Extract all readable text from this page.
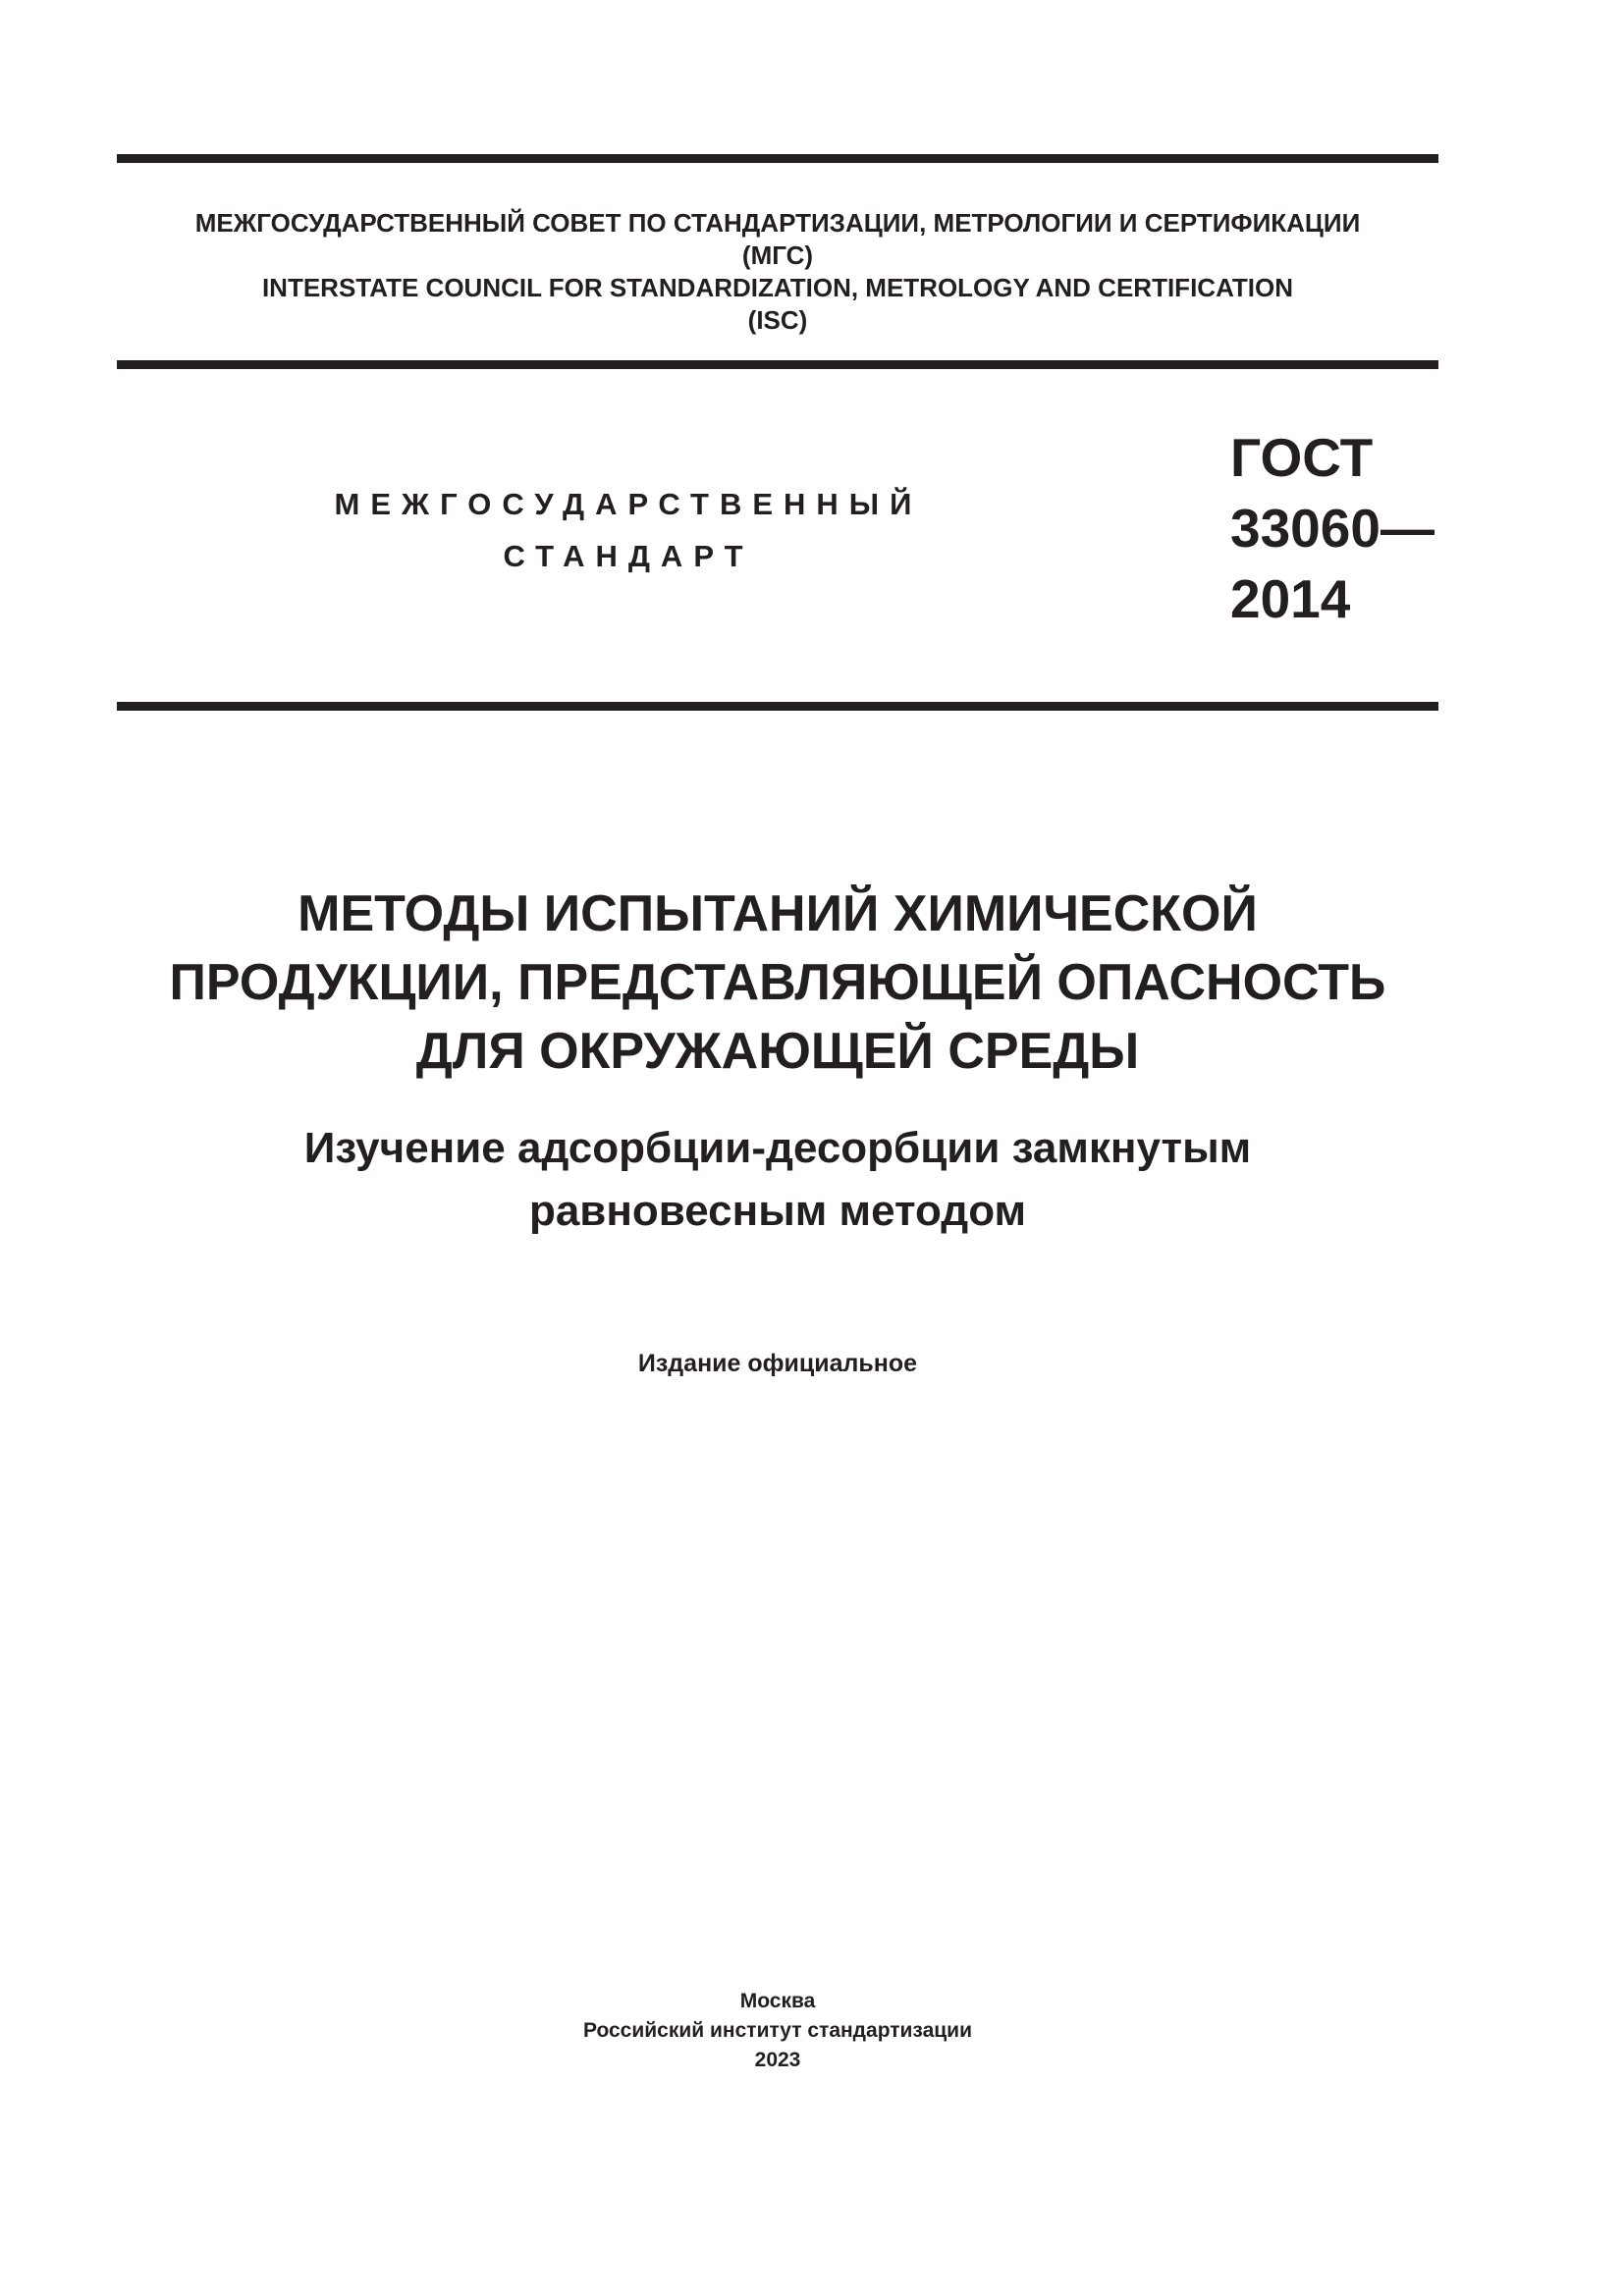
МЕЖГОСУДАРСТВЕННЫЙ СОВЕТ ПО СТАНДАРТИЗАЦИИ, МЕТРОЛОГИИ И СЕРТИФИКАЦИИ
(МГС)
INTERSTATE COUNCIL FOR STANDARDIZATION, METROLOGY AND CERTIFICATION
(ISC)
МЕЖГОСУДАРСТВЕННЫЙ
СТАНДАРТ
ГОСТ
33060—
2014
МЕТОДЫ ИСПЫТАНИЙ ХИМИЧЕСКОЙ
ПРОДУКЦИИ, ПРЕДСТАВЛЯЮЩЕЙ ОПАСНОСТЬ
ДЛЯ ОКРУЖАЮЩЕЙ СРЕДЫ
Изучение адсорбции-десорбции замкнутым
равновесным методом
Издание официальное
Москва
Российский институт стандартизации
2023
